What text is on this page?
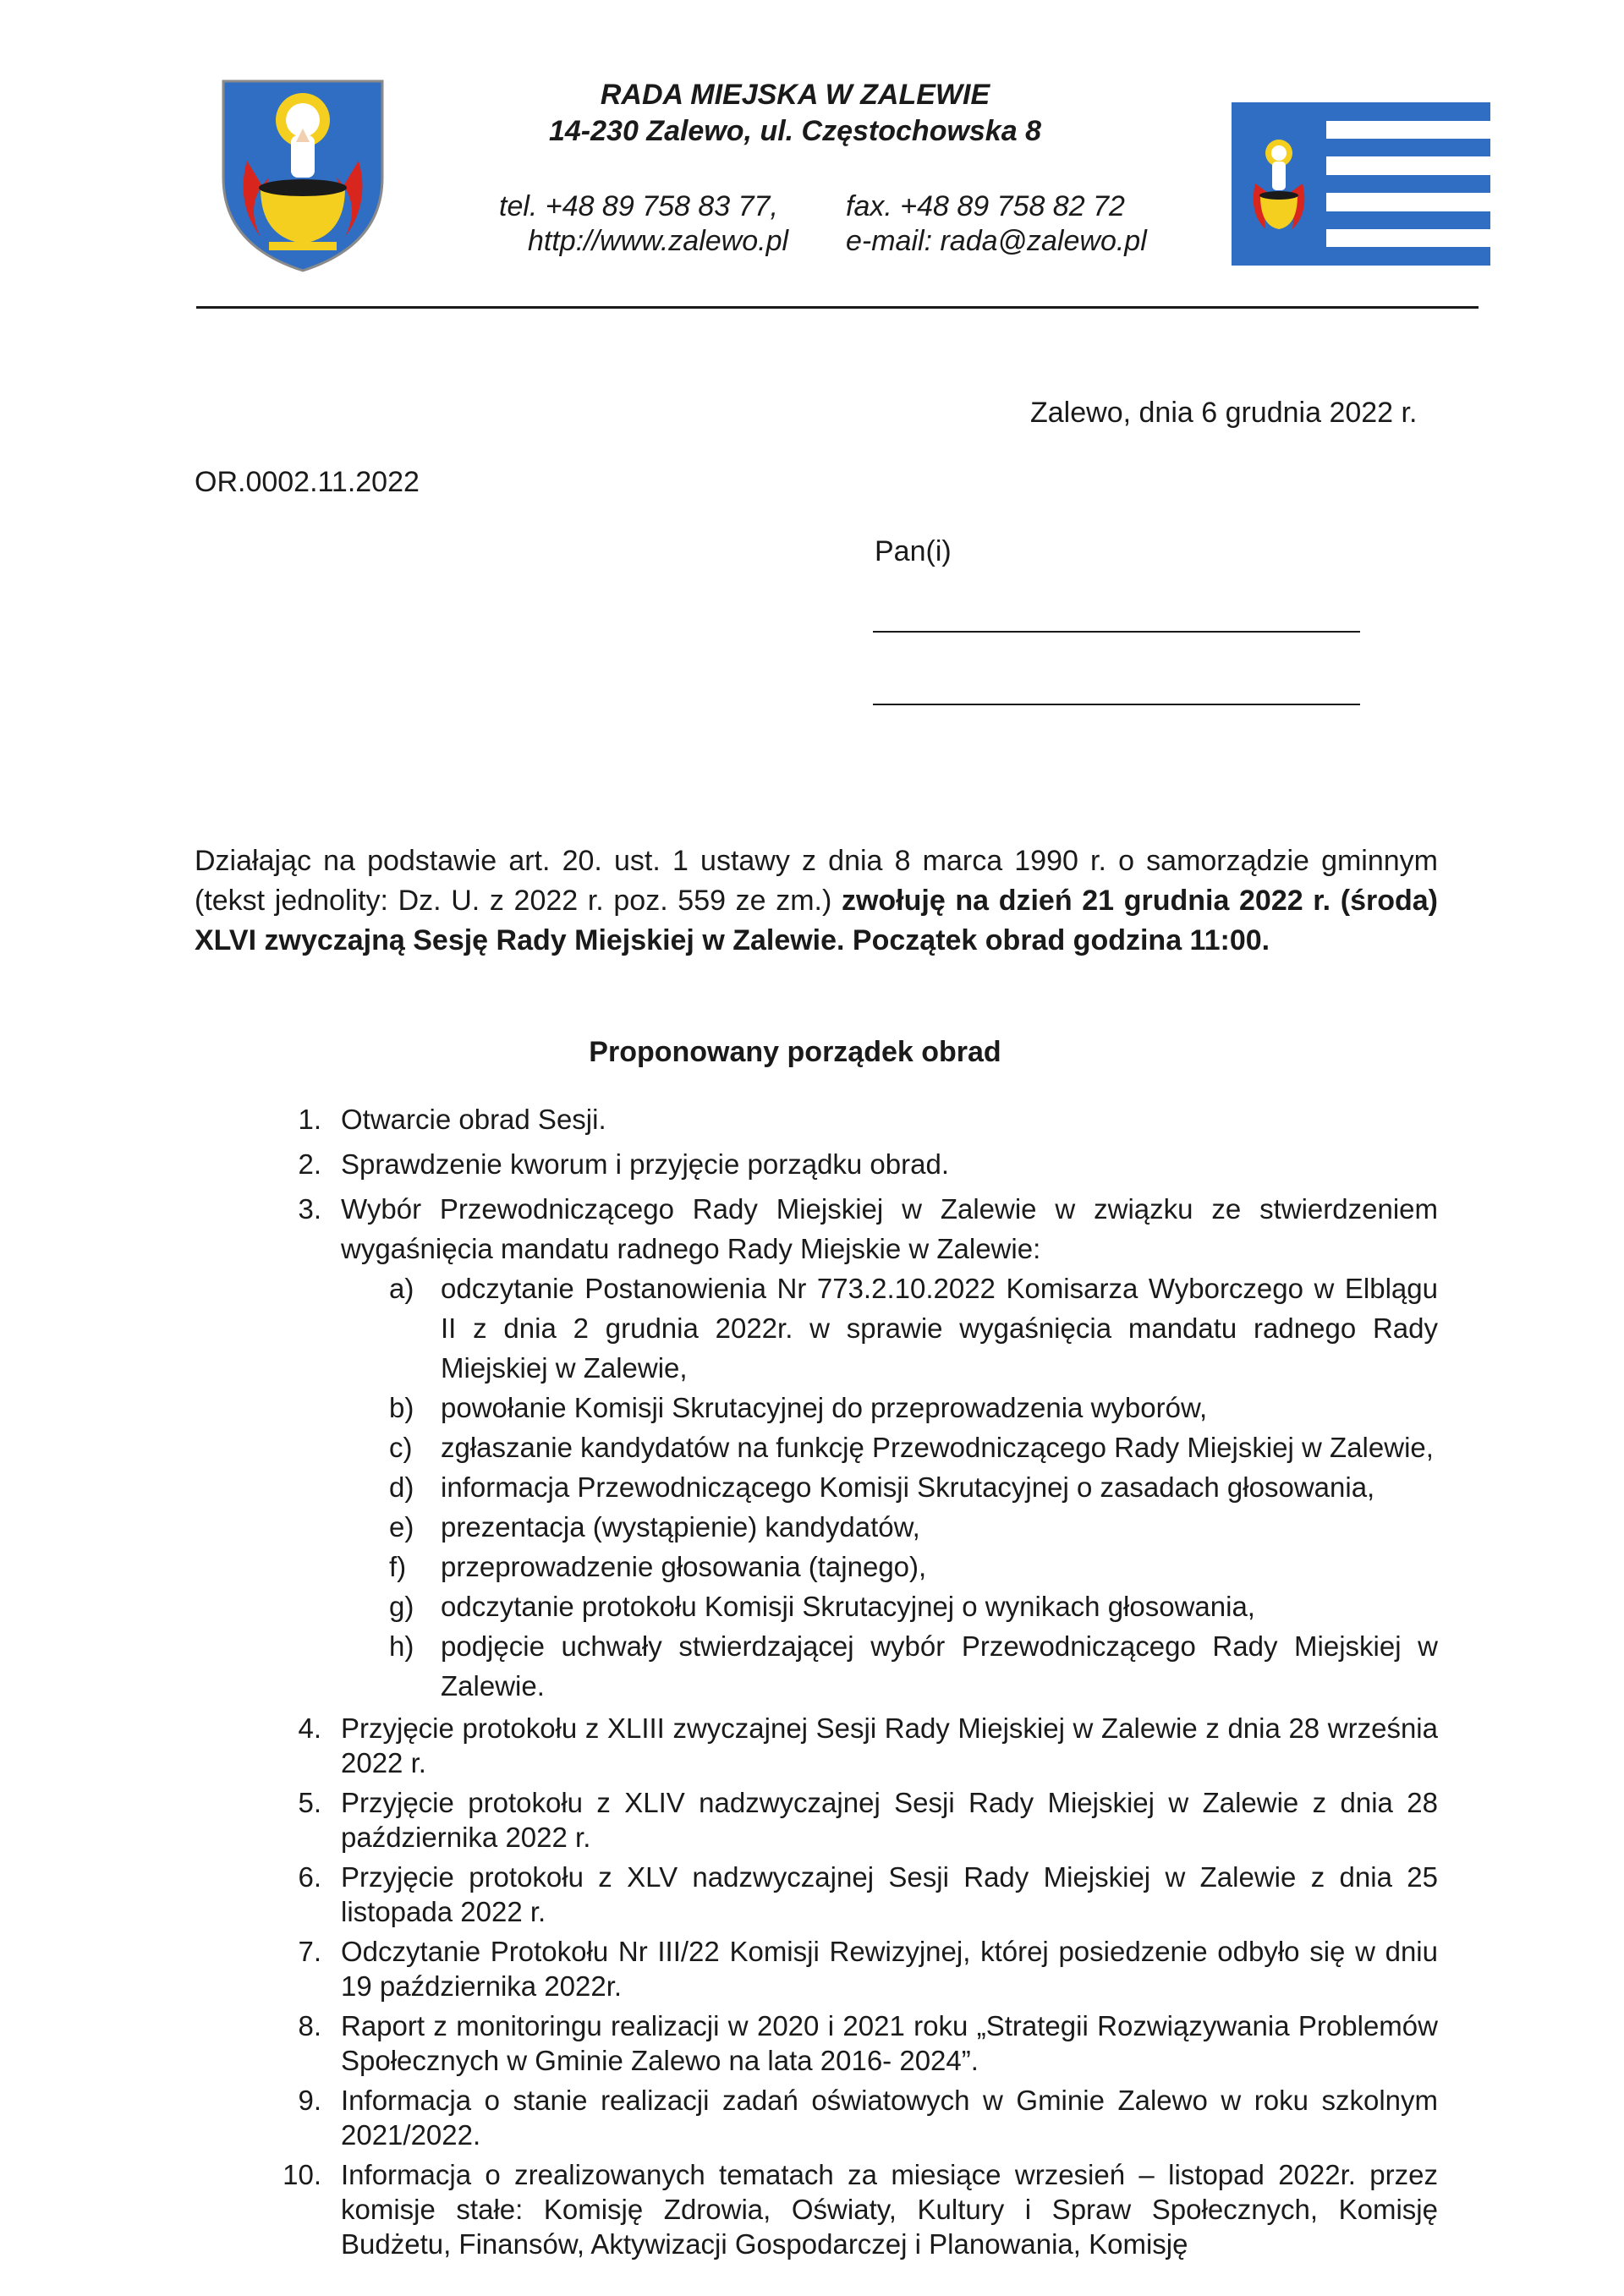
RADA MIEJSKA W ZALEWIE
14-230 Zalewo, ul. Częstochowska 8
tel. +48 89 758 83 77, fax. +48 89 758 82 72
http://www.zalewo.pl e-mail: rada@zalewo.pl
Zalewo, dnia 6 grudnia 2022 r.
OR.0002.11.2022
Pan(i)
Działając na podstawie art. 20. ust. 1 ustawy z dnia 8 marca 1990 r. o samorządzie gminnym (tekst jednolity: Dz. U. z 2022 r. poz. 559 ze zm.) zwołuję na dzień 21 grudnia 2022 r. (środa) XLVI zwyczajną Sesję Rady Miejskiej w Zalewie. Początek obrad godzina 11:00.
Proponowany porządek obrad
1. Otwarcie obrad Sesji.
2. Sprawdzenie kworum i przyjęcie porządku obrad.
3. Wybór Przewodniczącego Rady Miejskiej w Zalewie w związku ze stwierdzeniem wygaśnięcia mandatu radnego Rady Miejskie w Zalewie:
a) odczytanie Postanowienia Nr 773.2.10.2022 Komisarza Wyborczego w Elblągu II z dnia 2 grudnia 2022r. w sprawie wygaśnięcia mandatu radnego Rady Miejskiej w Zalewie,
b) powołanie Komisji Skrutacyjnej do przeprowadzenia wyborów,
c) zgłaszanie kandydatów na funkcję Przewodniczącego Rady Miejskiej w Zalewie,
d) informacja Przewodniczącego Komisji Skrutacyjnej o zasadach głosowania,
e) prezentacja (wystąpienie) kandydatów,
f) przeprowadzenie głosowania (tajnego),
g) odczytanie protokołu Komisji Skrutacyjnej o wynikach głosowania,
h) podjęcie uchwały stwierdzającej wybór Przewodniczącego Rady Miejskiej w Zalewie.
4. Przyjęcie protokołu z XLIII zwyczajnej Sesji Rady Miejskiej w Zalewie z dnia 28 września 2022 r.
5. Przyjęcie protokołu z XLIV nadzwyczajnej Sesji Rady Miejskiej w Zalewie z dnia 28 października 2022 r.
6. Przyjęcie protokołu z XLV nadzwyczajnej Sesji Rady Miejskiej w Zalewie z dnia 25 listopada 2022 r.
7. Odczytanie Protokołu Nr III/22 Komisji Rewizyjnej, której posiedzenie odbyło się w dniu 19 października 2022r.
8. Raport z monitoringu realizacji w 2020 i 2021 roku „Strategii Rozwiązywania Problemów Społecznych w Gminie Zalewo na lata 2016- 2024”.
9. Informacja o stanie realizacji zadań oświatowych w Gminie Zalewo w roku szkolnym 2021/2022.
10. Informacja o zrealizowanych tematach za miesiące wrzesień – listopad 2022r. przez komisje stałe: Komisję Zdrowia, Oświaty, Kultury i Spraw Społecznych, Komisję Budżetu, Finansów, Aktywizacji Gospodarczej i Planowania, Komisję
